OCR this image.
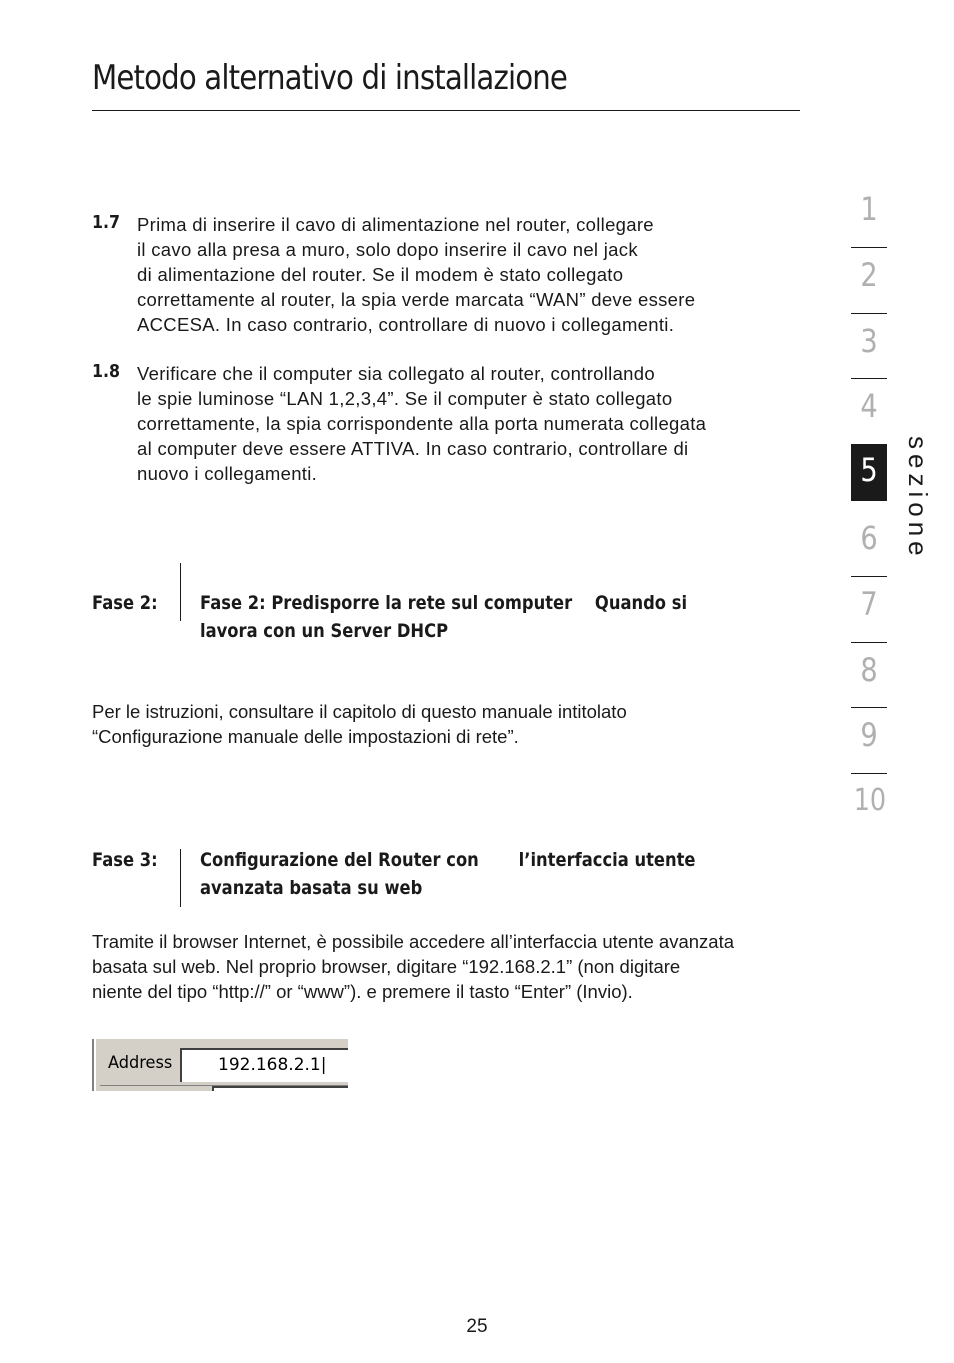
Metodo alternativo di installazione
1.7 Prima di inserire il cavo di alimentazione nel router, collegare
il cavo alla presa a muro, solo dopo inserire il cavo nel jack
di alimentazione del router. Se il modem è stato collegato
correttamente al router, la spia verde marcata “WAN” deve essere
ACCESA. In caso contrario, controllare di nuovo i collegamenti.
1.8 Verificare che il computer sia collegato al router, controllando
le spie luminose “LAN 1,2,3,4”. Se il computer è stato collegato
correttamente, la spia corrispondente alla porta numerata collegata
al computer deve essere ATTIVA. In caso contrario, controllare di
nuovo i collegamenti.
Fase 2: Fase 2: Predisporre la rete sul computer    Quando si
lavora con un Server DHCP
Per le istruzioni, consultare il capitolo di questo manuale intitolato
“Configurazione manuale delle impostazioni di rete”.
Fase 3: Configurazione del Router con       l’interfaccia utente
avanzata basata su web
Tramite il browser Internet, è possibile accedere all’interfaccia utente avanzata
basata sul web. Nel proprio browser, digitare “192.168.2.1” (non digitare
niente del tipo “http://” or “www”). e premere il tasto “Enter” (Invio).
Address	192.168.2.1|
1
2
3
4
5
6
7
8
9
10
sezione
25
